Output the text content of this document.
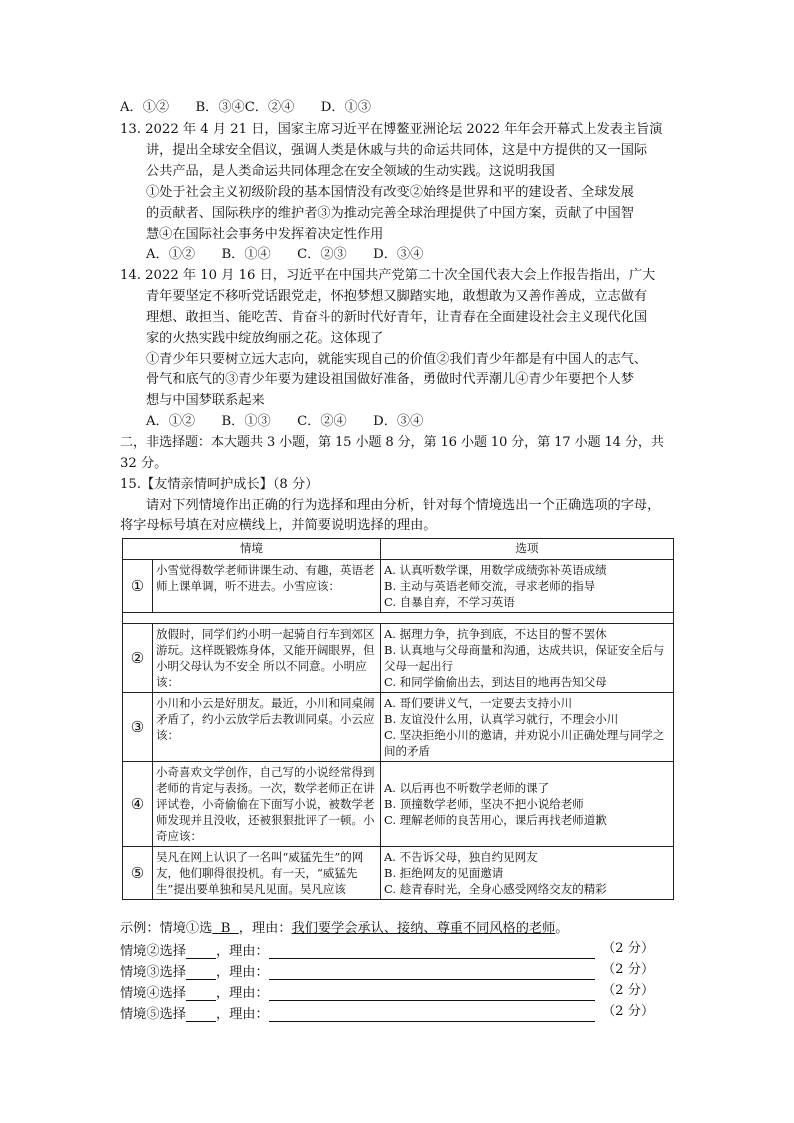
A．①②　　B．③④C．②④　　D．①③
13. 2022 年 4 月 21 日，国家主席习近平在博鳌亚洲论坛 2022 年年会开幕式上发表主旨演
讲，提出全球安全倡议，强调人类是休戚与共的命运共同体，这是中方提供的又一国际
公共产品，是人类命运共同体理念在安全领域的生动实践。这说明我国
①处于社会主义初级阶段的基本国情没有改变②始终是世界和平的建设者、全球发展
的贡献者、国际秩序的维护者③为推动完善全球治理提供了中国方案，贡献了中国智
慧④在国际社会事务中发挥着决定性作用
A．①②　　B．①④　　C．②③　　D．③④
14. 2022 年 10 月 16 日，习近平在中国共产党第二十次全国代表大会上作报告指出，广大
青年要坚定不移听党话跟党走，怀抱梦想又脚踏实地，敢想敢为又善作善成，立志做有
理想、敢担当、能吃苦、肯奋斗的新时代好青年，让青春在全面建设社会主义现代化国
家的火热实践中绽放绚丽之花。这体现了
①青少年只要树立远大志向，就能实现自己的价值②我们青少年都是有中国人的志气、
骨气和底气的③青少年要为建设祖国做好准备，勇做时代弄潮儿④青少年要把个人梦
想与中国梦联系起来
A．①②　　B．①③　　C．②④　　D．③④
二，非选择题：本大题共 3 小题，第 15 小题 8 分，第 16 小题 10 分，第 17 小题 14 分，共
32 分。
15.【友情亲情呵护成长】（8 分）
请对下列情境作出正确的行为选择和理由分析，针对每个情境选出一个正确选项的字母，
将字母标号填在对应横线上，并简要说明选择的理由。
情境		选项
①	小雪觉得数学老师讲课生动、有趣，英语老师上课单调，听不进去。小雪应该：	A. 认真听数学课，用数学成绩弥补英语成绩
B. 主动与英语老师交流，寻求老师的指导
C. 自暴自弃，不学习英语

②	放假时，同学们约小明一起骑自行车到郊区游玩。这样既锻炼身体，又能开阔眼界，但小明父母认为不安全 所以不同意。小明应该：	A. 据理力争，抗争到底，不达目的誓不罢休
B. 认真地与父母商量和沟通，达成共识，保证安全后与父母一起出行
C. 和同学偷偷出去，到达目的地再告知父母

③	小川和小云是好朋友。最近，小川和同桌闹矛盾了，约小云放学后去教训同桌。小云应该：	A. 哥们要讲义气，一定要去支持小川
B. 友谊没什么用，认真学习就行，不理会小川
C. 坚决拒绝小川的邀请，并劝说小川正确处理与同学之间的矛盾

④	小奇喜欢文学创作，自己写的小说经常得到老师的肯定与表扬。一次，数学老师正在讲评试卷，小奇偷偷在下面写小说，被数学老师发现并且没收，还被狠狠批评了一顿。小奇应该：	A. 以后再也不听数学老师的课了
B. 顶撞数学老师，坚决不把小说给老师
C. 理解老师的良苦用心，课后再找老师道歉

⑤	吴凡在网上认识了一名叫“威猛先生”的网友，他们聊得很投机。有一天，“威猛先生”提出要单独和吴凡见面。吴凡应该	A. 不告诉父母，独自约见网友
B. 拒绝网友的见面邀请
C. 趁青春时光，全身心感受网络交友的精彩
示例：情境①选  B  ，理由：我们要学会承认、接纳、尊重不同风格的老师。
情境②选择 ，理由：	（2 分）
情境③选择 ，理由：	（2 分）
情境④选择 ，理由：	（2 分）
情境⑤选择 ，理由：	（2 分）
